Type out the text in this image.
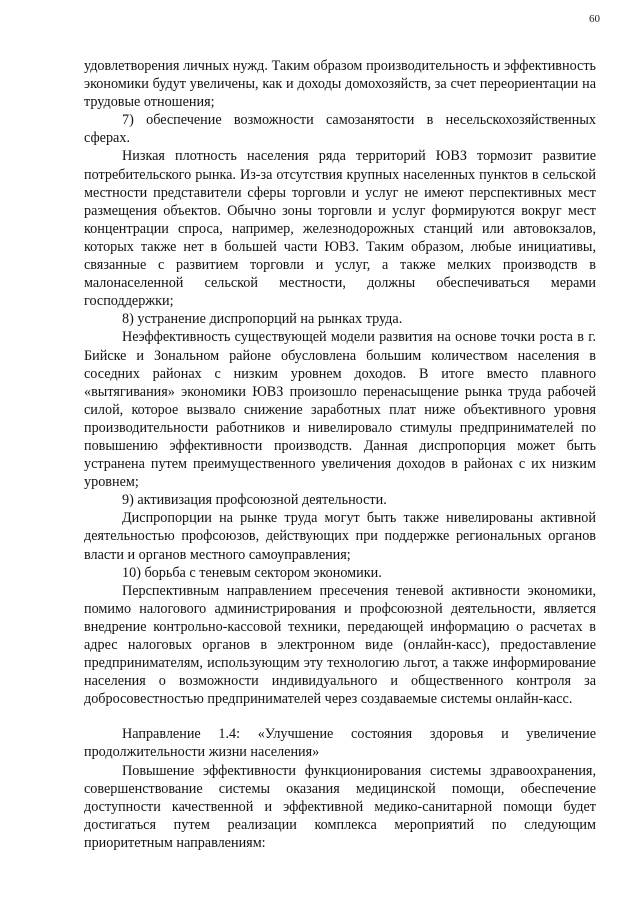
60

удовлетворения личных нужд. Таким образом производительность и эффективность экономики будут увеличены, как и доходы домохозяйств, за счет переориентации на трудовые отношения;

7) обеспечение возможности самозанятости в несельскохозяйственных сферах.

Низкая плотность населения ряда территорий ЮВЗ тормозит развитие потребительского рынка. Из-за отсутствия крупных населенных пунктов в сельской местности представители сферы торговли и услуг не имеют перспективных мест размещения объектов. Обычно зоны торговли и услуг формируются вокруг мест концентрации спроса, например, железнодорожных станций или автовокзалов, которых также нет в большей части ЮВЗ. Таким образом, любые инициативы, связанные с развитием торговли и услуг, а также мелких производств в малонаселенной сельской местности, должны обеспечиваться мерами господдержки;

8) устранение диспропорций на рынках труда.

Неэффективность существующей модели развития на основе точки роста в г. Бийске и Зональном районе обусловлена большим количеством населения в соседних районах с низким уровнем доходов. В итоге вместо плавного «вытягивания» экономики ЮВЗ произошло перенасыщение рынка труда рабочей силой, которое вызвало снижение заработных плат ниже объективного уровня производительности работников и нивелировало стимулы предпринимателей по повышению эффективности производств. Данная диспропорция может быть устранена путем преимущественного увеличения доходов в районах с их низким уровнем;

9) активизация профсоюзной деятельности.

Диспропорции на рынке труда могут быть также нивелированы активной деятельностью профсоюзов, действующих при поддержке региональных органов власти и органов местного самоуправления;

10) борьба с теневым сектором экономики.

Перспективным направлением пресечения теневой активности экономики, помимо налогового администрирования и профсоюзной деятельности, является внедрение контрольно-кассовой техники, передающей информацию о расчетах в адрес налоговых органов в электронном виде (онлайн-касс), предоставление предпринимателям, использующим эту технологию льгот, а также информирование населения о возможности индивидуального и общественного контроля за добросовестностью предпринимателей через создаваемые системы онлайн-касс.

Направление 1.4: «Улучшение состояния здоровья и увеличение продолжительности жизни населения»

Повышение эффективности функционирования системы здравоохранения, совершенствование системы оказания медицинской помощи, обеспечение доступности качественной и эффективной медико-санитарной помощи будет достигаться путем реализации комплекса мероприятий по следующим приоритетным направлениям:
